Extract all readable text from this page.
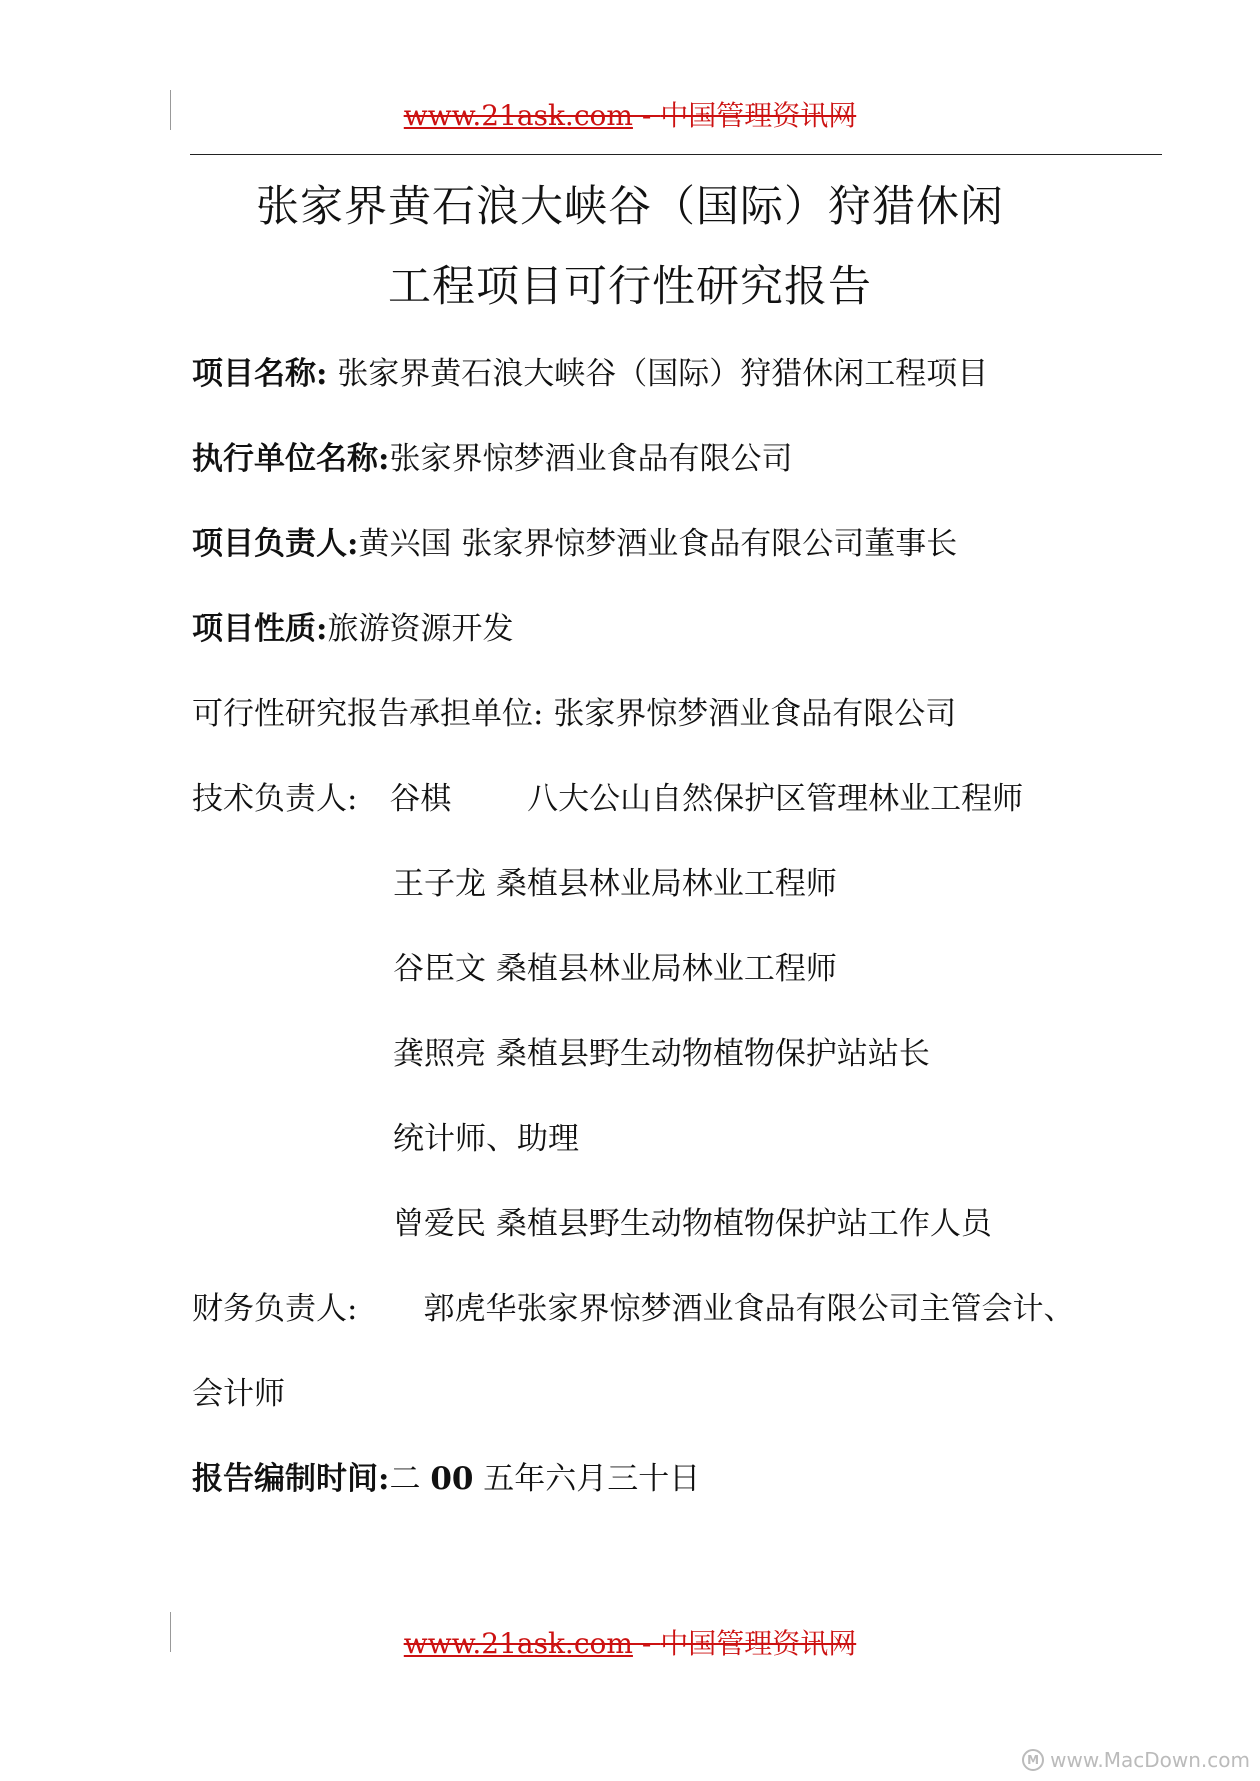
www.21ask.com - 中国管理资讯网
张家界黄石浪大峡谷（国际）狩猎休闲
工程项目可行性研究报告
项目名称: 张家界黄石浪大峡谷（国际）狩猎休闲工程项目
执行单位名称:张家界惊梦酒业食品有限公司
项目负责人:黄兴国 张家界惊梦酒业食品有限公司董事长
项目性质:旅游资源开发
可行性研究报告承担单位: 张家界惊梦酒业食品有限公司
技术负责人: 谷棋 八大公山自然保护区管理林业工程师
王子龙 桑植县林业局林业工程师
谷臣文 桑植县林业局林业工程师
龚照亮 桑植县野生动物植物保护站站长
统计师、助理
曾爱民 桑植县野生动物植物保护站工作人员
财务负责人: 郭虎华张家界惊梦酒业食品有限公司主管会计、
会计师
报告编制时间:二 00 五年六月三十日
www.21ask.com - 中国管理资讯网
M www.MacDown.com
